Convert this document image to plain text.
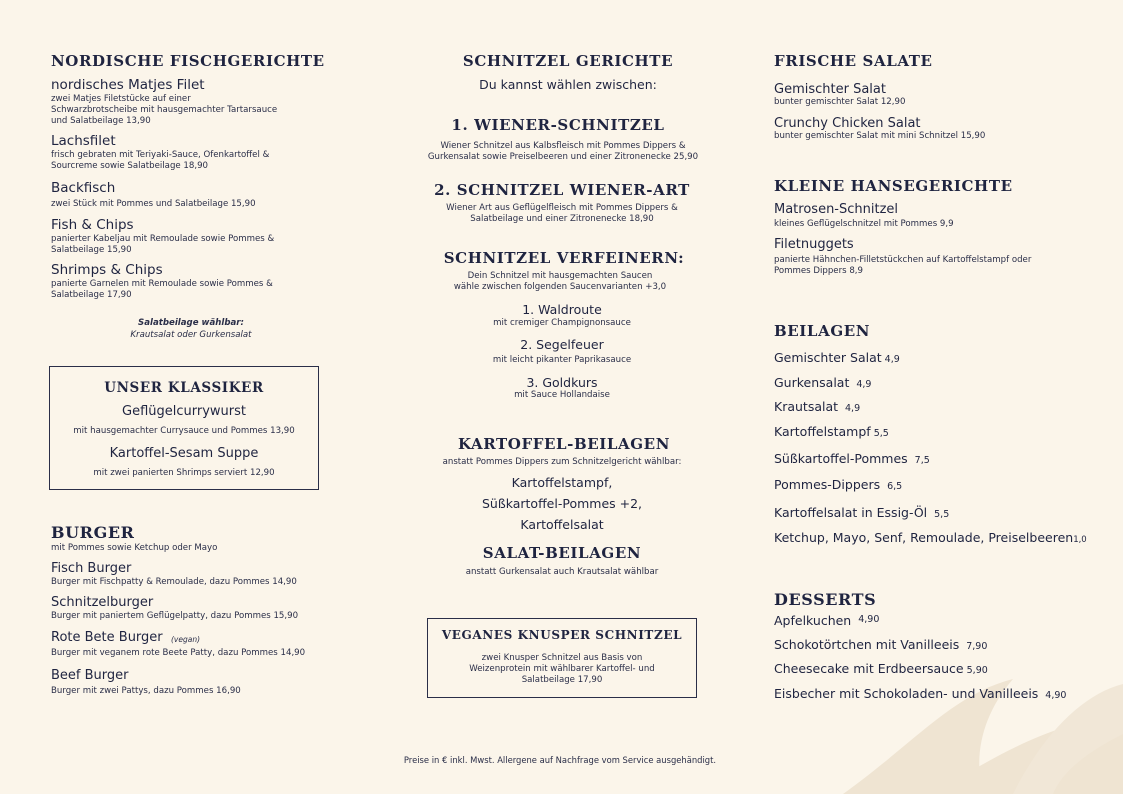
NORDISCHE FISCHGERICHTE
nordisches Matjes Filet
zwei Matjes Filetstücke auf einer
Schwarzbrotscheibe mit hausgemachter Tartarsauce
und Salatbeilage 13,90
Lachsfilet
frisch gebraten mit Teriyaki-Sauce, Ofenkartoffel &
Sourcreme sowie Salatbeilage 18,90
Backfisch
zwei Stück mit Pommes und Salatbeilage 15,90
Fish & Chips
panierter Kabeljau mit Remoulade sowie Pommes &
Salatbeilage 15,90
Shrimps & Chips
panierte Garnelen mit Remoulade sowie Pommes &
Salatbeilage 17,90
Salatbeilage wählbar:
Krautsalat oder Gurkensalat
UNSER KLASSIKER
Geflügelcurrywurst
mit hausgemachter Currysauce und Pommes 13,90
Kartoffel-Sesam Suppe
mit zwei panierten Shrimps serviert 12,90
BURGER
mit Pommes sowie Ketchup oder Mayo
Fisch Burger
Burger mit Fischpatty & Remoulade, dazu Pommes 14,90
Schnitzelburger
Burger mit paniertem Geflügelpatty, dazu Pommes 15,90
Rote Bete Burger (vegan)
Burger mit veganem rote Beete Patty, dazu Pommes 14,90
Beef Burger
Burger mit zwei Pattys, dazu Pommes 16,90
SCHNITZEL GERICHTE
Du kannst wählen zwischen:
1. WIENER-SCHNITZEL
Wiener Schnitzel aus Kalbsfleisch mit Pommes Dippers &
Gurkensalat sowie Preiselbeeren und einer Zitronenecke 25,90
2. SCHNITZEL WIENER-ART
Wiener Art aus Geflügelfleisch mit Pommes Dippers &
Salatbeilage und einer Zitronenecke 18,90
SCHNITZEL VERFEINERN:
Dein Schnitzel mit hausgemachten Saucen
wähle zwischen folgenden Saucenvarianten +3,0
1. Waldroute
mit cremiger Champignonsauce
2. Segelfeuer
mit leicht pikanter Paprikasauce
3. Goldkurs
mit Sauce Hollandaise
KARTOFFEL-BEILAGEN
anstatt Pommes Dippers zum Schnitzelgericht wählbar:
Kartoffelstampf,
Süßkartoffel-Pommes +2,
Kartoffelsalat
SALAT-BEILAGEN
anstatt Gurkensalat auch Krautsalat wählbar
VEGANES KNUSPER SCHNITZEL
zwei Knusper Schnitzel aus Basis von
Weizenprotein mit wählbarer Kartoffel- und
Salatbeilage 17,90
FRISCHE SALATE
Gemischter Salat
bunter gemischter Salat 12,90
Crunchy Chicken Salat
bunter gemischter Salat mit mini Schnitzel 15,90
KLEINE HANSEGERICHTE
Matrosen-Schnitzel
kleines Geflügelschnitzel mit Pommes 9,9
Filetnuggets
panierte Hähnchen-Filletstückchen auf Kartoffelstampf oder
Pommes Dippers 8,9
BEILAGEN
Gemischter Salat 4,9
Gurkensalat 4,9
Krautsalat 4,9
Kartoffelstampf 5,5
Süßkartoffel-Pommes 7,5
Pommes-Dippers 6,5
Kartoffelsalat in Essig-Öl 5,5
Ketchup, Mayo, Senf, Remoulade, Preiselbeeren1,0
DESSERTS
Apfelkuchen $^{4,90}$
Schokotörtchen mit Vanilleeis 7,90
Cheesecake mit Erdbeersauce 5,90
Eisbecher mit Schokoladen- und Vanilleeis 4,90
Preise in € inkl. Mwst. Allergene auf Nachfrage vom Service ausgehändigt.
